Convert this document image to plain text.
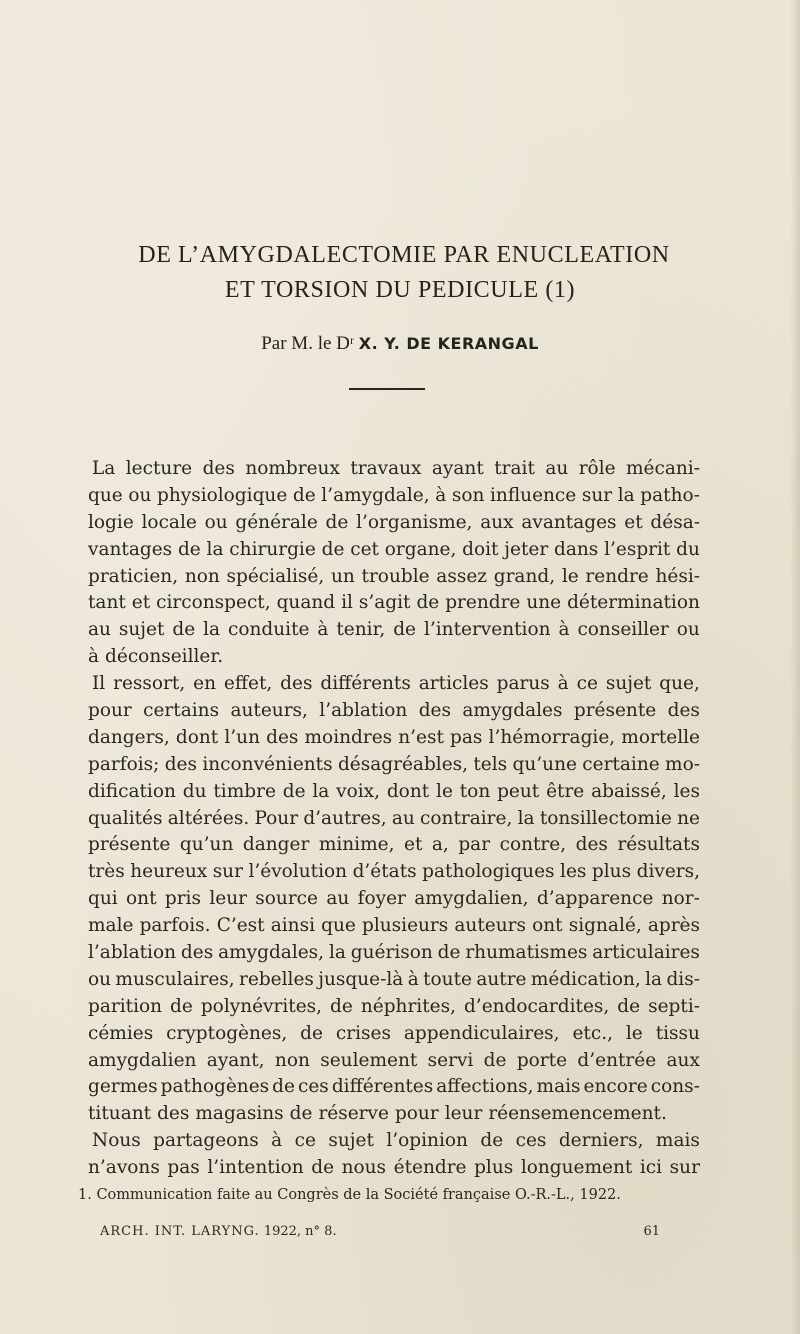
DE L’AMYGDALECTOMIE PAR ENUCLEATION
ET TORSION DU PEDICULE (1)
Par M. le Dʳ X. Y. DE KERANGAL
La lecture des nombreux travaux ayant trait au rôle mécani-
que ou physiologique de l’amygdale, à son influence sur la patho-
logie locale ou générale de l’organisme, aux avantages et désa-
vantages de la chirurgie de cet organe, doit jeter dans l’esprit du
praticien, non spécialisé, un trouble assez grand, le rendre hési-
tant et circonspect, quand il s’agit de prendre une détermination
au sujet de la conduite à tenir, de l’intervention à conseiller ou
à déconseiller.
Il ressort, en effet, des différents articles parus à ce sujet que,
pour certains auteurs, l’ablation des amygdales présente des
dangers, dont l’un des moindres n’est pas l’hémorragie, mortelle
parfois; des inconvénients désagréables, tels qu’une certaine mo-
dification du timbre de la voix, dont le ton peut être abaissé, les
qualités altérées. Pour d’autres, au contraire, la tonsillectomie ne
présente qu’un danger minime, et a, par contre, des résultats
très heureux sur l’évolution d’états pathologiques les plus divers,
qui ont pris leur source au foyer amygdalien, d’apparence nor-
male parfois. C’est ainsi que plusieurs auteurs ont signalé, après
l’ablation des amygdales, la guérison de rhumatismes articulaires
ou musculaires, rebelles jusque-là à toute autre médication, la dis-
parition de polynévrites, de néphrites, d’endocardites, de septi-
cémies cryptogènes, de crises appendiculaires, etc., le tissu
amygdalien ayant, non seulement servi de porte d’entrée aux
germes pathogènes de ces différentes affections, mais encore cons-
tituant des magasins de réserve pour leur réensemencement.
Nous partageons à ce sujet l’opinion de ces derniers, mais
n’avons pas l’intention de nous étendre plus longuement ici sur
1. Communication faite au Congrès de la Société française O.-R.-L., 1922.
ARCH. INT. LARYNG. 1922, n° 8.	61
